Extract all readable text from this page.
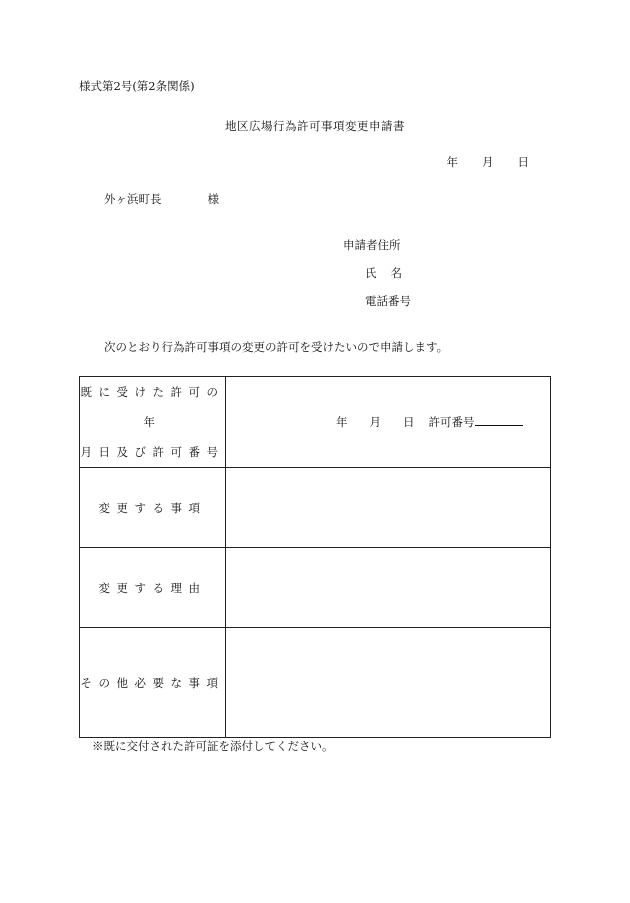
様式第2号(第2条関係)
地区広場行為許可事項変更申請書
年 月 日
外ヶ浜町長	様
申請者住所
氏 名
電話番号
次のとおり行為許可事項の変更の許可を受けたいので申請します。
既に受けた許可の年
月日及び許可番号	年 月 日 許可番号

変更する事項	
変更する理由	
その他必要な事項	
※既に交付された許可証を添付してください。
